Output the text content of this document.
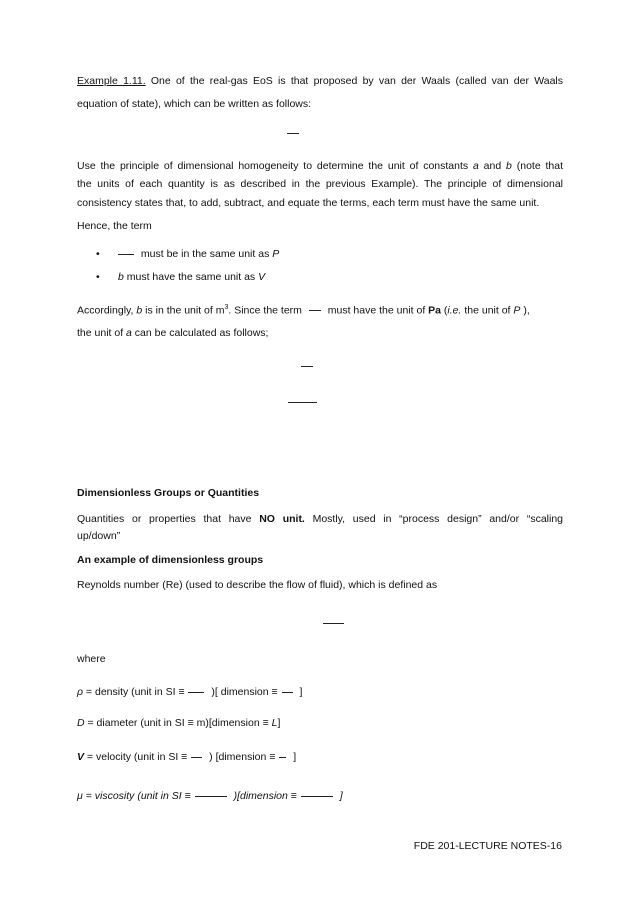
Example 1.11. One of the real-gas EoS is that proposed by van der Waals (called van der Waals
equation of state), which can be written as follows:
Use the principle of dimensional homogeneity to determine the unit of constants a and b (note that
the units of each quantity is as described in the previous Example). The principle of dimensional
consistency states that, to add, subtract, and equate the terms, each term must have the same unit.
Hence, the term
•	must be in the same unit as P
• b must have the same unit as V
Accordingly, b is in the unit of $m^3$. Since the term  must have the unit of Pa (i.e. the unit of P ),
the unit of a can be calculated as follows;
Dimensionless Groups or Quantities
Quantities or properties that have NO unit. Mostly, used in “process design” and/or “scaling
up/down”
An example of dimensionless groups
Reynolds number (Re) (used to describe the flow of fluid), which is defined as
where
ρ = density (unit in SI ≡  )[ dimension ≡  ]
D = diameter (unit in SI ≡ m)[dimension ≡ L]
V = velocity (unit in SI ≡  ) [dimension ≡  ]
μ = viscosity (unit in SI ≡	)[dimension ≡	]
FDE 201-LECTURE NOTES-16
